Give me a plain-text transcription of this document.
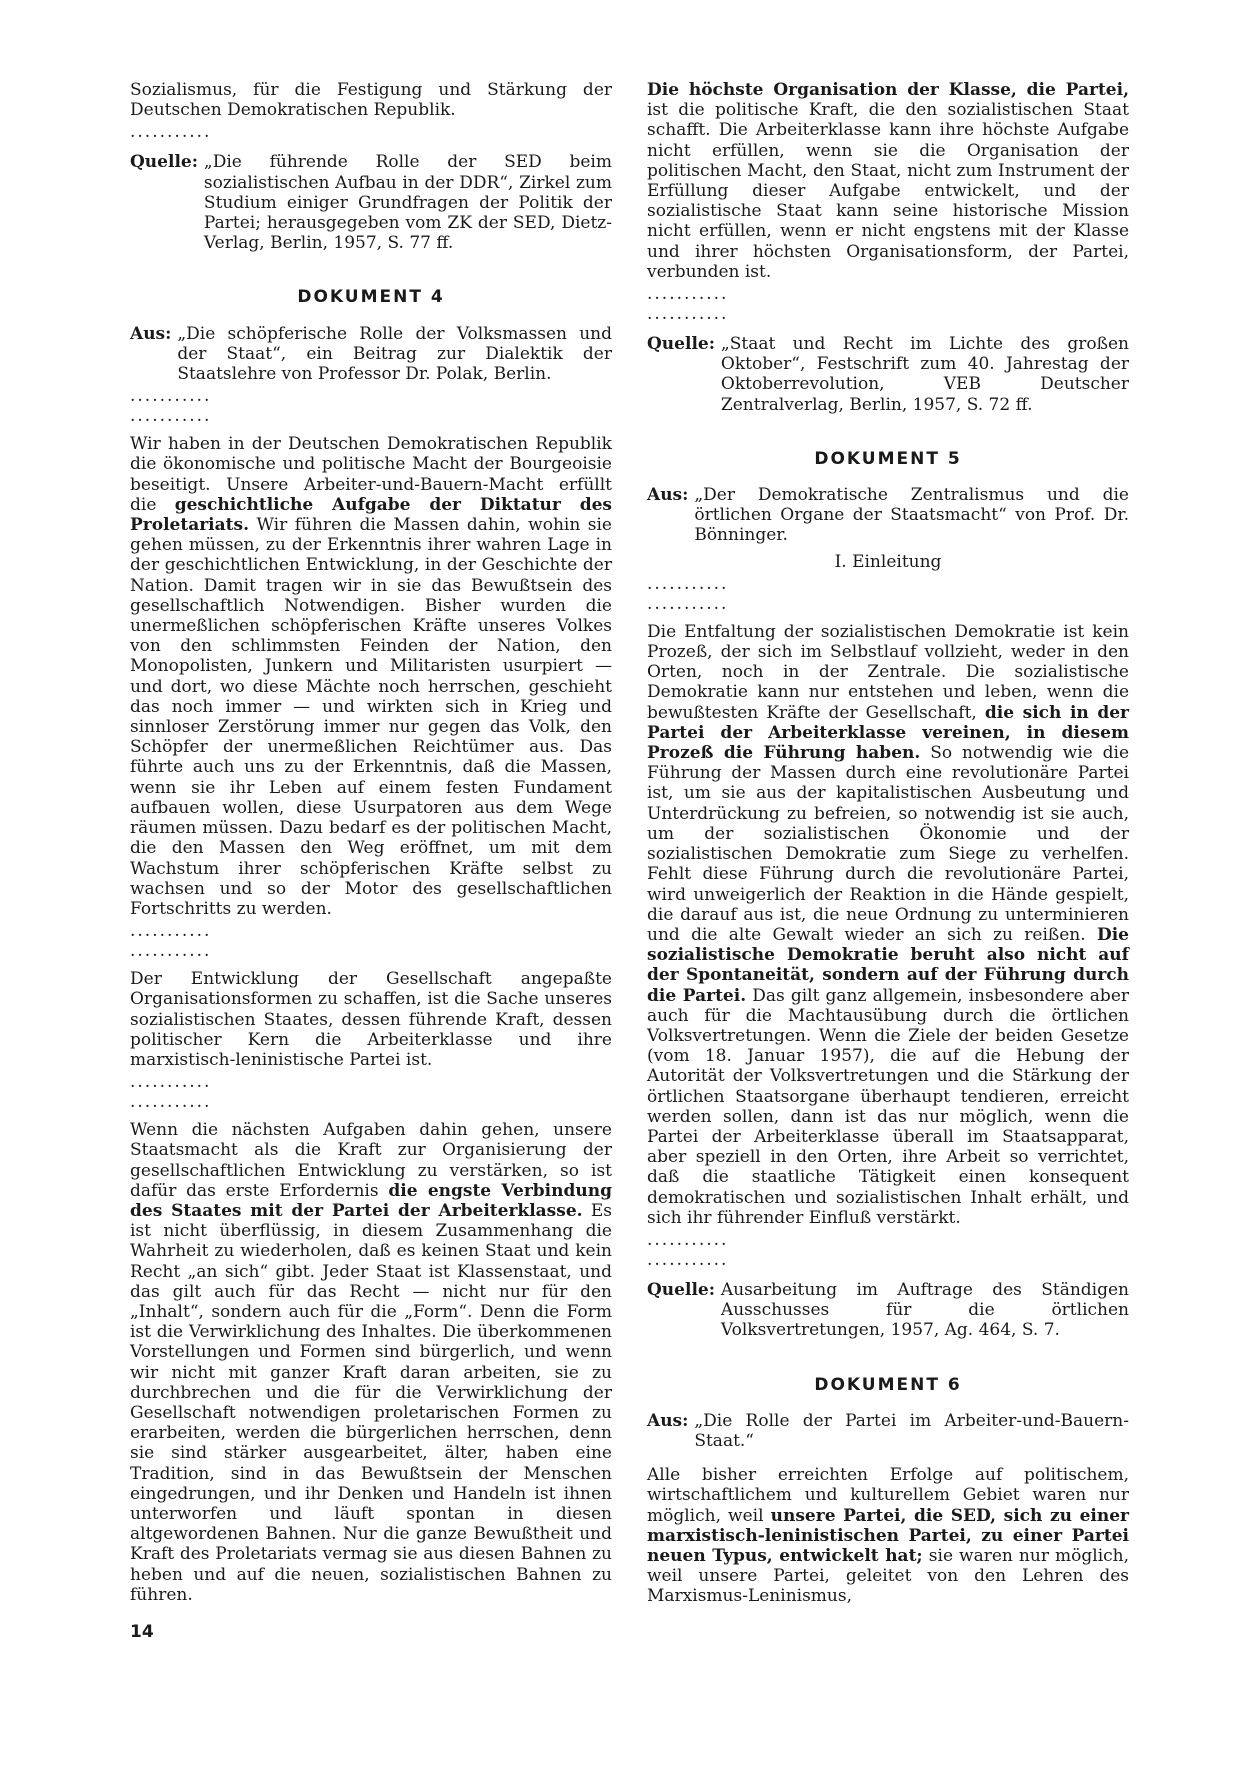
Sozialismus, für die Festigung und Stärkung der Deutschen Demokratischen Republik.

...........
Quelle: „Die führende Rolle der SED beim sozialistischen Aufbau in der DDR“, Zirkel zum Studium einiger Grundfragen der Politik der Partei; herausgegeben vom ZK der SED, Dietz-Verlag, Berlin, 1957, S. 77 ff.
DOKUMENT 4
Aus: „Die schöpferische Rolle der Volksmassen und der Staat“, ein Beitrag zur Dialektik der Staatslehre von Professor Dr. Polak, Berlin.
...........
...........

Wir haben in der Deutschen Demokratischen Republik die ökonomische und politische Macht der Bourgeoisie beseitigt. Unsere Arbeiter-und-Bauern-Macht erfüllt die geschichtliche Aufgabe der Diktatur des Proletariats. Wir führen die Massen dahin, wohin sie gehen müssen, zu der Erkenntnis ihrer wahren Lage in der geschichtlichen Entwicklung, in der Geschichte der Nation. Damit tragen wir in sie das Bewußtsein des gesellschaftlich Notwendigen. Bisher wurden die unermeßlichen schöpferischen Kräfte unseres Volkes von den schlimmsten Feinden der Nation, den Monopolisten, Junkern und Militaristen usurpiert — und dort, wo diese Mächte noch herrschen, geschieht das noch immer — und wirkten sich in Krieg und sinnloser Zerstörung immer nur gegen das Volk, den Schöpfer der unermeßlichen Reichtümer aus. Das führte auch uns zu der Erkenntnis, daß die Massen, wenn sie ihr Leben auf einem festen Fundament aufbauen wollen, diese Usurpatoren aus dem Wege räumen müssen. Dazu bedarf es der politischen Macht, die den Massen den Weg eröffnet, um mit dem Wachstum ihrer schöpferischen Kräfte selbst zu wachsen und so der Motor des gesellschaftlichen Fortschritts zu werden.

...........
...........

Der Entwicklung der Gesellschaft angepaßte Organisationsformen zu schaffen, ist die Sache unseres sozialistischen Staates, dessen führende Kraft, dessen politischer Kern die Arbeiterklasse und ihre marxistisch-leninistische Partei ist.

...........
...........

Wenn die nächsten Aufgaben dahin gehen, unsere Staatsmacht als die Kraft zur Organisierung der gesellschaftlichen Entwicklung zu verstärken, so ist dafür das erste Erfordernis die engste Verbindung des Staates mit der Partei der Arbeiterklasse. Es ist nicht überflüssig, in diesem Zusammenhang die Wahrheit zu wiederholen, daß es keinen Staat und kein Recht „an sich“ gibt. Jeder Staat ist Klassenstaat, und das gilt auch für das Recht — nicht nur für den „Inhalt“, sondern auch für die „Form“. Denn die Form ist die Verwirklichung des Inhaltes. Die überkommenen Vorstellungen und Formen sind bürgerlich, und wenn wir nicht mit ganzer Kraft daran arbeiten, sie zu durchbrechen und die für die Verwirklichung der Gesellschaft notwendigen proletarischen Formen zu erarbeiten, werden die bürgerlichen herrschen, denn sie sind stärker ausgearbeitet, älter, haben eine Tradition, sind in das Bewußtsein der Menschen eingedrungen, und ihr Denken und Handeln ist ihnen unterworfen und läuft spontan in diesen altgewordenen Bahnen. Nur die ganze Bewußtheit und Kraft des Proletariats vermag sie aus diesen Bahnen zu heben und auf die neuen, sozialistischen Bahnen zu führen.

Die höchste Organisation der Klasse, die Partei, ist die politische Kraft, die den sozialistischen Staat schafft. Die Arbeiterklasse kann ihre höchste Aufgabe nicht erfüllen, wenn sie die Organisation der politischen Macht, den Staat, nicht zum Instrument der Erfüllung dieser Aufgabe entwickelt, und der sozialistische Staat kann seine historische Mission nicht erfüllen, wenn er nicht engstens mit der Klasse und ihrer höchsten Organisationsform, der Partei, verbunden ist.

...........
...........
Quelle: „Staat und Recht im Lichte des großen Oktober“, Festschrift zum 40. Jahrestag der Oktoberrevolution, VEB Deutscher Zentralverlag, Berlin, 1957, S. 72 ff.
DOKUMENT 5
Aus: „Der Demokratische Zentralismus und die örtlichen Organe der Staatsmacht“ von Prof. Dr. Bönninger.
I. Einleitung
...........
...........

Die Entfaltung der sozialistischen Demokratie ist kein Prozeß, der sich im Selbstlauf vollzieht, weder in den Orten, noch in der Zentrale. Die sozialistische Demokratie kann nur entstehen und leben, wenn die bewußtesten Kräfte der Gesellschaft, die sich in der Partei der Arbeiterklasse vereinen, in diesem Prozeß die Führung haben. So notwendig wie die Führung der Massen durch eine revolutionäre Partei ist, um sie aus der kapitalistischen Ausbeutung und Unterdrückung zu befreien, so notwendig ist sie auch, um der sozialistischen Ökonomie und der sozialistischen Demokratie zum Siege zu verhelfen. Fehlt diese Führung durch die revolutionäre Partei, wird unweigerlich der Reaktion in die Hände gespielt, die darauf aus ist, die neue Ordnung zu unterminieren und die alte Gewalt wieder an sich zu reißen. Die sozialistische Demokratie beruht also nicht auf der Spontaneität, sondern auf der Führung durch die Partei. Das gilt ganz allgemein, insbesondere aber auch für die Machtausübung durch die örtlichen Volksvertretungen. Wenn die Ziele der beiden Gesetze (vom 18. Januar 1957), die auf die Hebung der Autorität der Volksvertretungen und die Stärkung der örtlichen Staatsorgane überhaupt tendieren, erreicht werden sollen, dann ist das nur möglich, wenn die Partei der Arbeiterklasse überall im Staatsapparat, aber speziell in den Orten, ihre Arbeit so verrichtet, daß die staatliche Tätigkeit einen konsequent demokratischen und sozialistischen Inhalt erhält, und sich ihr führender Einfluß verstärkt.

...........
...........
Quelle: Ausarbeitung im Auftrage des Ständigen Ausschusses für die örtlichen Volksvertretungen, 1957, Ag. 464, S. 7.
DOKUMENT 6
Aus: „Die Rolle der Partei im Arbeiter-und-Bauern-Staat.“

Alle bisher erreichten Erfolge auf politischem, wirtschaftlichem und kulturellem Gebiet waren nur möglich, weil unsere Partei, die SED, sich zu einer marxistisch-leninistischen Partei, zu einer Partei neuen Typus, entwickelt hat; sie waren nur möglich, weil unsere Partei, geleitet von den Lehren des Marxismus-Leninismus,

14
